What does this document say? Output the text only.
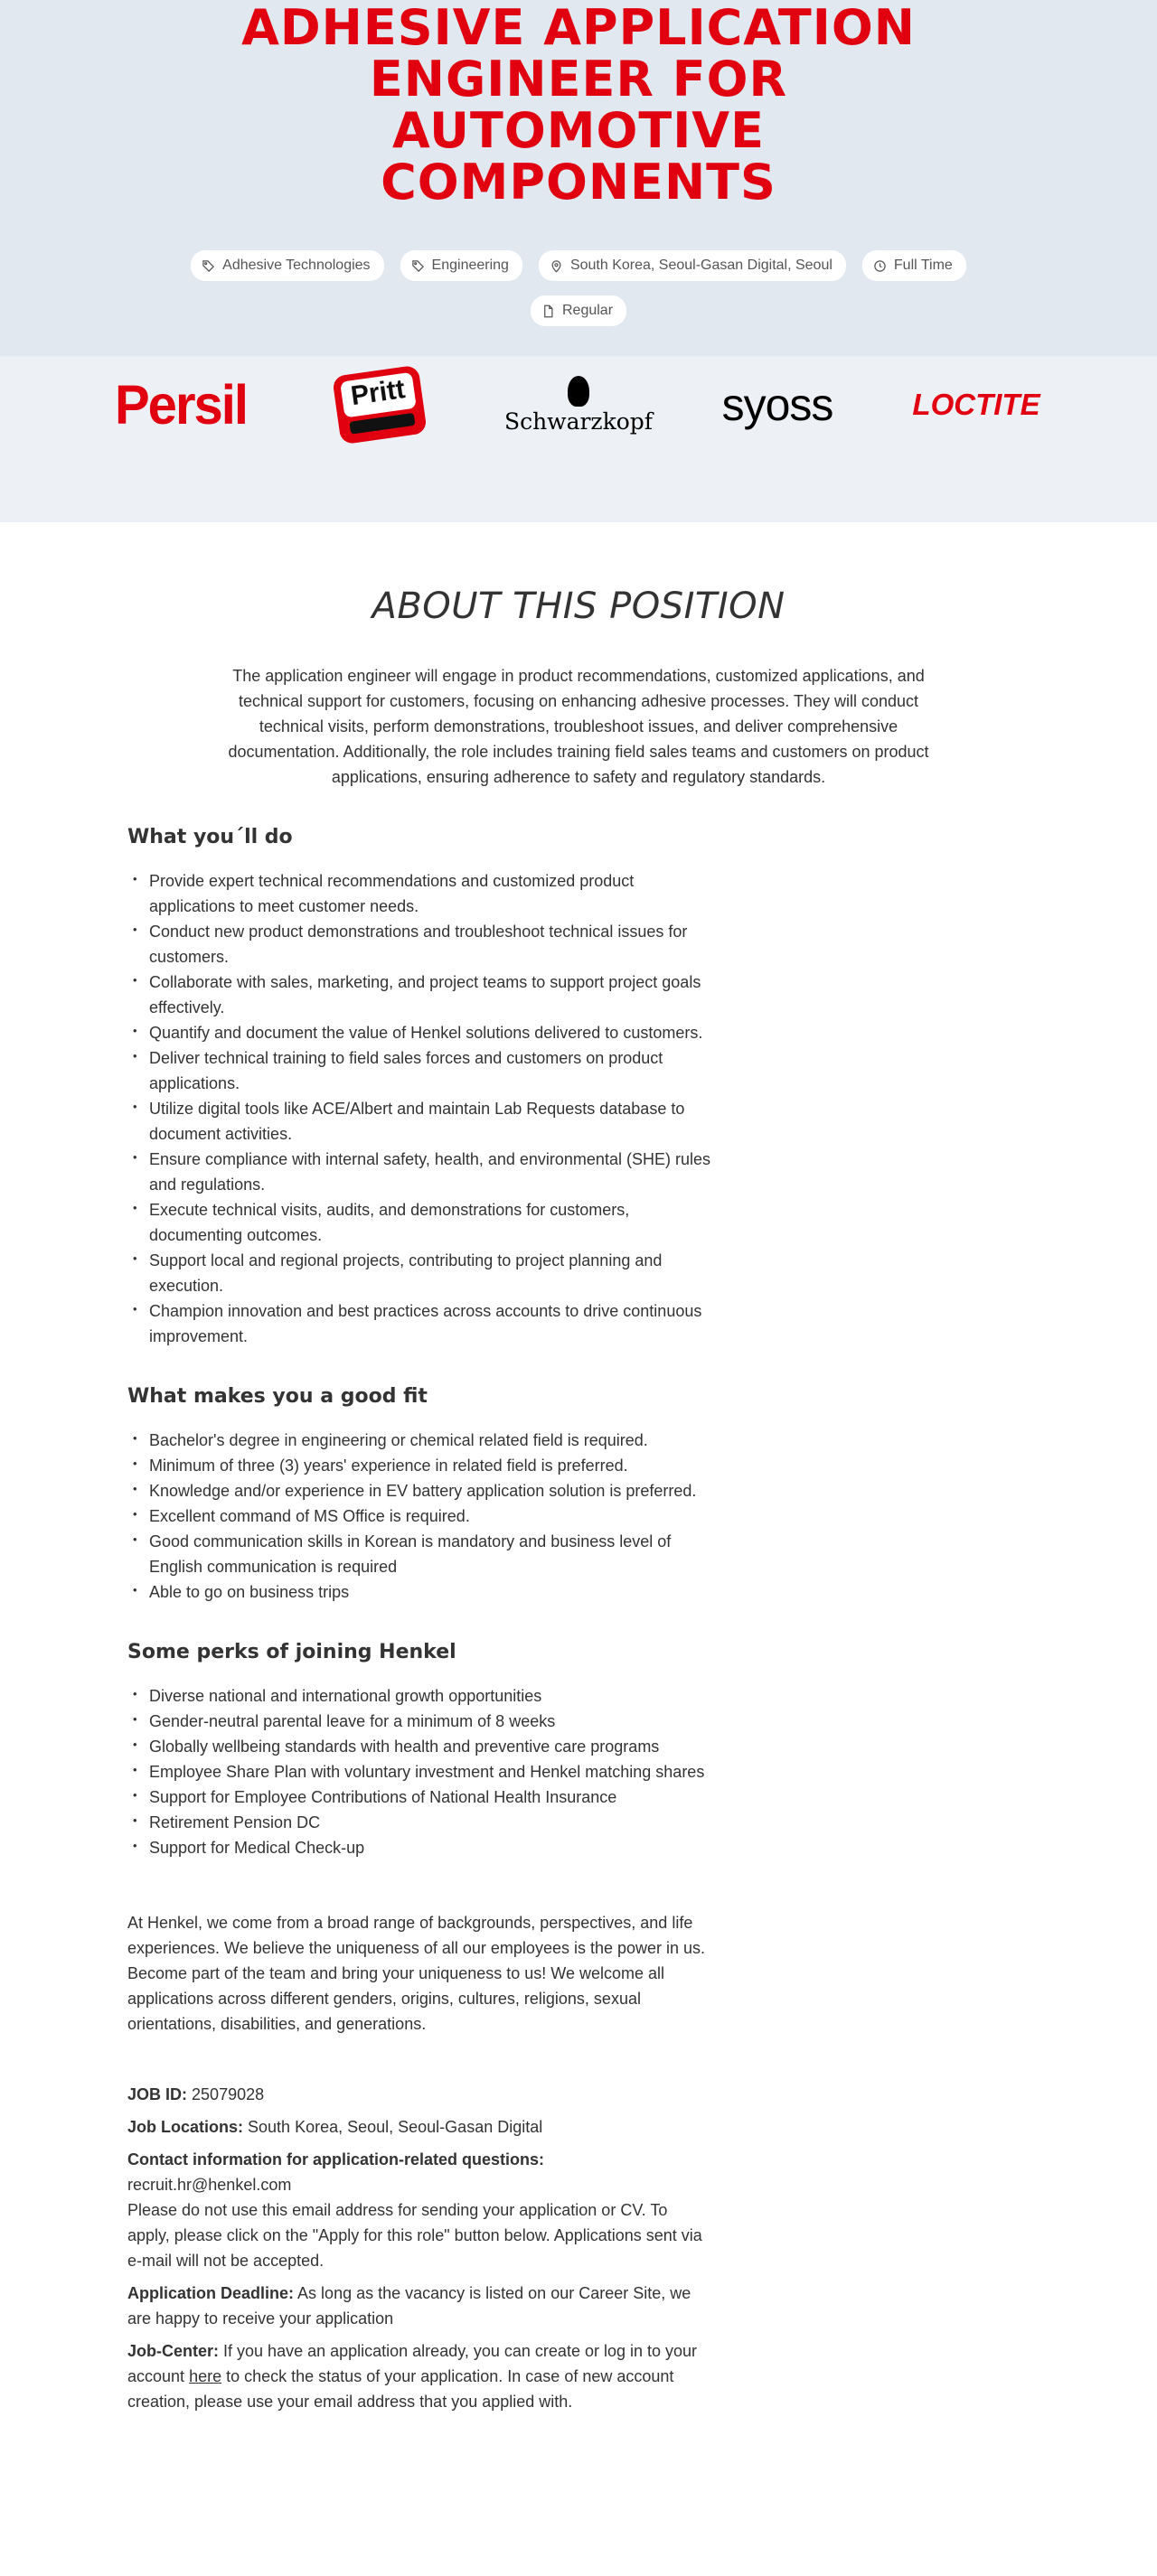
ADHESIVE APPLICATION
ENGINEER FOR
AUTOMOTIVE
COMPONENTS
Adhesive Technologies	Engineering	South Korea, Seoul-Gasan Digital, Seoul	Full Time
Regular
Persil	Pritt
Schwarzkopf syoss	LOCTITE
ABOUT THIS POSITION

The application engineer will engage in product recommendations, customized applications, and technical support for customers, focusing on enhancing adhesive processes. They will conduct technical visits, perform demonstrations, troubleshoot issues, and deliver comprehensive documentation. Additionally, the role includes training field sales teams and customers on product applications, ensuring adherence to safety and regulatory standards.

What you´ll do
• Provide expert technical recommendations and customized product applications to meet customer needs.
• Conduct new product demonstrations and troubleshoot technical issues for customers.
• Collaborate with sales, marketing, and project teams to support project goals effectively.
• Quantify and document the value of Henkel solutions delivered to customers.
• Deliver technical training to field sales forces and customers on product applications.
• Utilize digital tools like ACE/Albert and maintain Lab Requests database to document activities.
• Ensure compliance with internal safety, health, and environmental (SHE) rules and regulations.
• Execute technical visits, audits, and demonstrations for customers, documenting outcomes.
• Support local and regional projects, contributing to project planning and execution.
• Champion innovation and best practices across accounts to drive continuous improvement.
What makes you a good fit
• Bachelor's degree in engineering or chemical related field is required.
• Minimum of three (3) years' experience in related field is preferred.
• Knowledge and/or experience in EV battery application solution is preferred.
• Excellent command of MS Office is required.
• Good communication skills in Korean is mandatory and business level of English communication is required
• Able to go on business trips
Some perks of joining Henkel
• Diverse national and international growth opportunities
• Gender-neutral parental leave for a minimum of 8 weeks
• Globally wellbeing standards with health and preventive care programs
• Employee Share Plan with voluntary investment and Henkel matching shares
• Support for Employee Contributions of National Health Insurance
• Retirement Pension DC
• Support for Medical Check-up

At Henkel, we come from a broad range of backgrounds, perspectives, and life experiences. We believe the uniqueness of all our employees is the power in us. Become part of the team and bring your uniqueness to us! We welcome all applications across different genders, origins, cultures, religions, sexual orientations, disabilities, and generations.

JOB ID: 25079028

Job Locations: South Korea, Seoul, Seoul-Gasan Digital

Contact information for application-related questions:
recruit.hr@henkel.com
Please do not use this email address for sending your application or CV. To apply, please click on the "Apply for this role" button below. Applications sent via e-mail will not be accepted.

Application Deadline: As long as the vacancy is listed on our Career Site, we are happy to receive your application

Job-Center: If you have an application already, you can create or log in to your account here to check the status of your application. In case of new account creation, please use your email address that you applied with.
